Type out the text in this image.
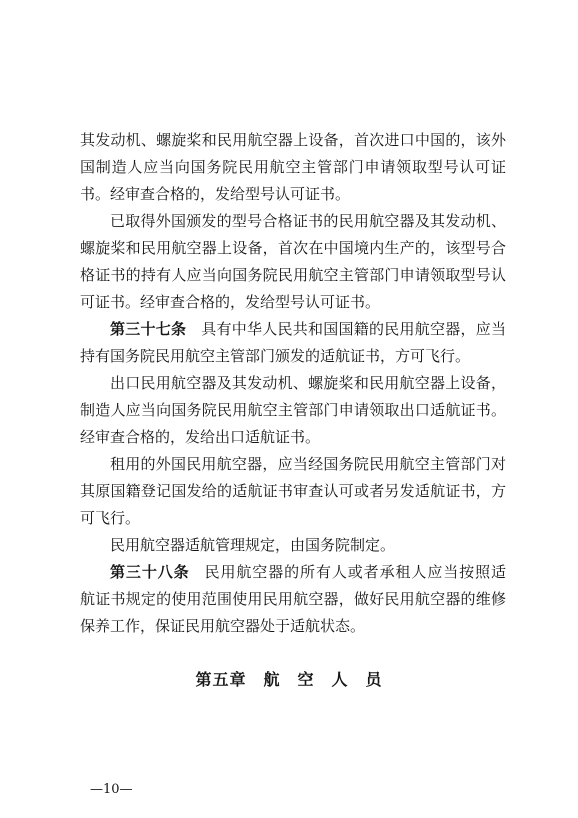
其发动机、螺旋桨和民用航空器上设备，首次进口中国的，该外
国制造人应当向国务院民用航空主管部门申请领取型号认可证
书。经审查合格的，发给型号认可证书。
已取得外国颁发的型号合格证书的民用航空器及其发动机、
螺旋桨和民用航空器上设备，首次在中国境内生产的，该型号合
格证书的持有人应当向国务院民用航空主管部门申请领取型号认
可证书。经审查合格的，发给型号认可证书。
第三十七条 具有中华人民共和国国籍的民用航空器，应当
持有国务院民用航空主管部门颁发的适航证书，方可飞行。
出口民用航空器及其发动机、螺旋桨和民用航空器上设备，
制造人应当向国务院民用航空主管部门申请领取出口适航证书。
经审查合格的，发给出口适航证书。
租用的外国民用航空器，应当经国务院民用航空主管部门对
其原国籍登记国发给的适航证书审查认可或者另发适航证书，方
可飞行。
民用航空器适航管理规定，由国务院制定。
第三十八条 民用航空器的所有人或者承租人应当按照适
航证书规定的使用范围使用民用航空器，做好民用航空器的维修
保养工作，保证民用航空器处于适航状态。
第五章　航　空　人　员
—10—
